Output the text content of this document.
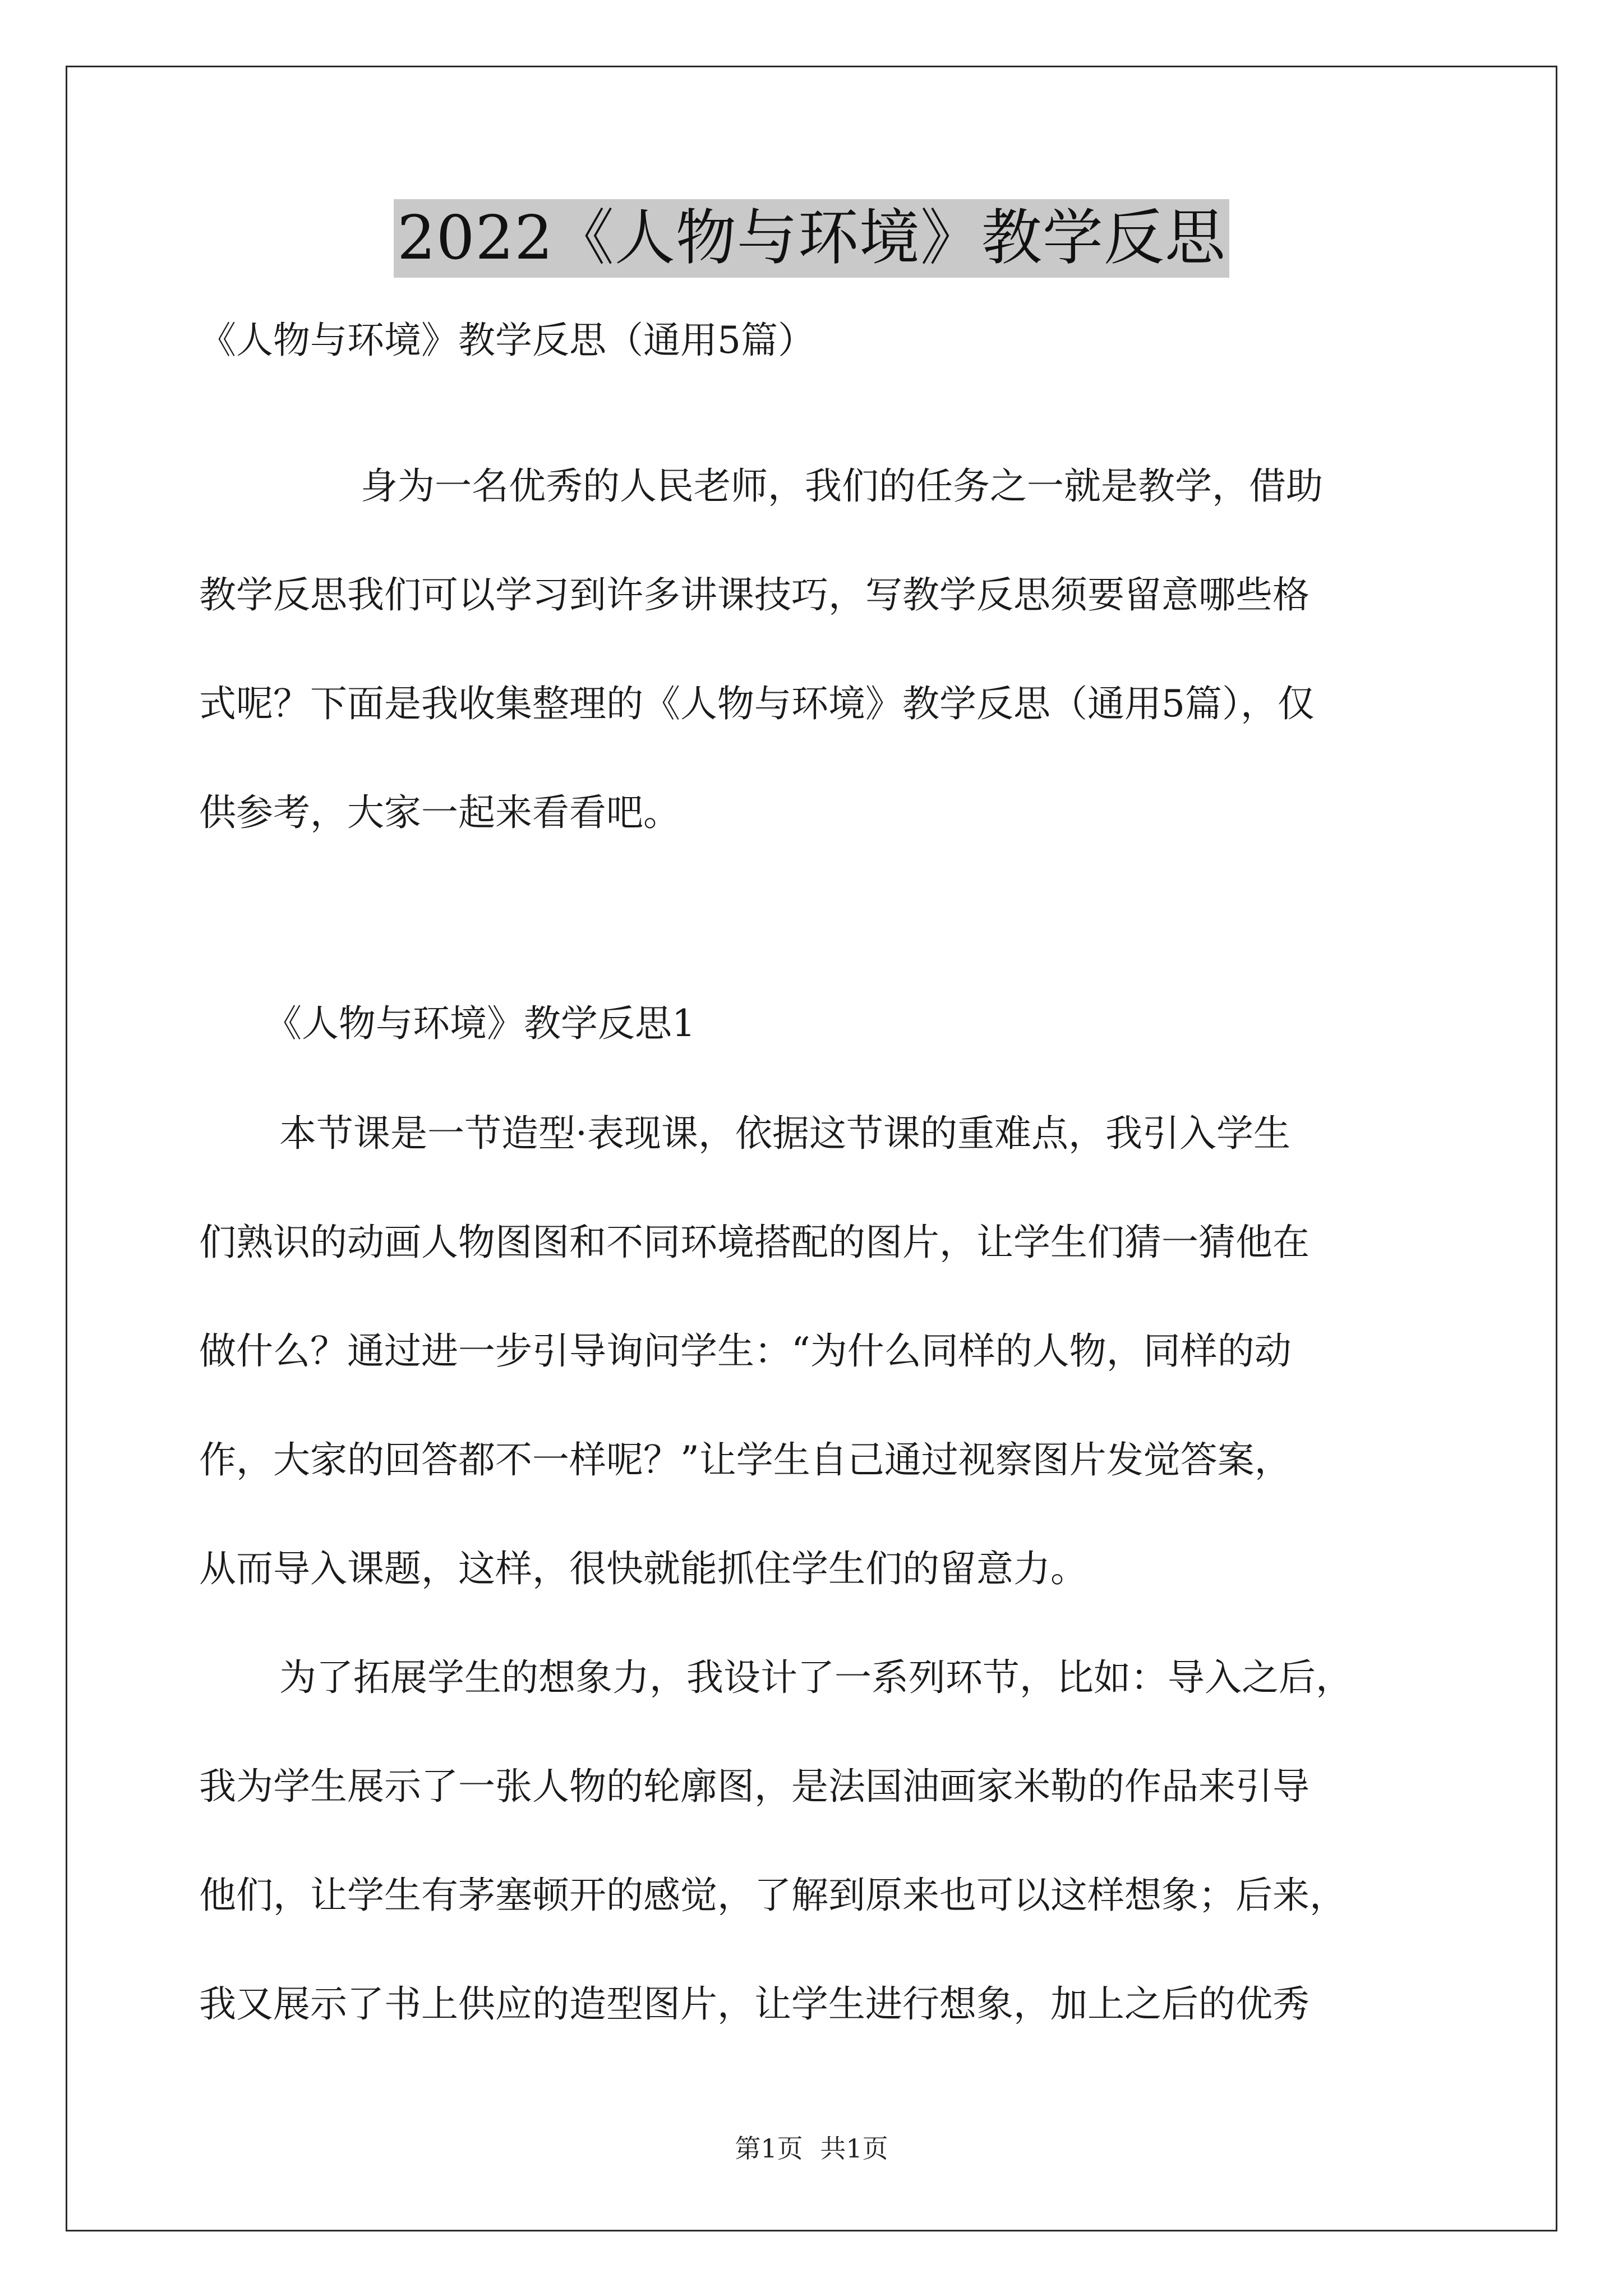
2022《人物与环境》教学反思
《人物与环境》教学反思（通用5篇）
身为一名优秀的人民老师，我们的任务之一就是教学，借助
教学反思我们可以学习到许多讲课技巧，写教学反思须要留意哪些格
式呢？下面是我收集整理的《人物与环境》教学反思（通用5篇），仅
供参考，大家一起来看看吧。
《人物与环境》教学反思1
本节课是一节造型·表现课，依据这节课的重难点，我引入学生
们熟识的动画人物图图和不同环境搭配的图片，让学生们猜一猜他在
做什么？通过进一步引导询问学生：“为什么同样的人物，同样的动
作，大家的回答都不一样呢？”让学生自己通过视察图片发觉答案，
从而导入课题，这样，很快就能抓住学生们的留意力。
为了拓展学生的想象力，我设计了一系列环节，比如：导入之后，
我为学生展示了一张人物的轮廓图，是法国油画家米勒的作品来引导
他们，让学生有茅塞顿开的感觉，了解到原来也可以这样想象；后来，
我又展示了书上供应的造型图片，让学生进行想象，加上之后的优秀
第1页 共1页
